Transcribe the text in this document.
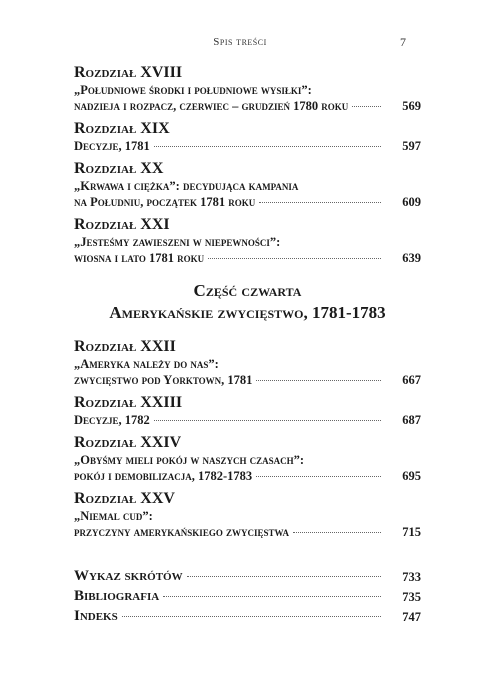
Spis treści	7
Rozdział XVIII
„Południowe środki i południowe wysiłki”:
nadzieja i rozpacz, czerwiec – grudzień 1780 roku	569
Rozdział XIX
Decyzje, 1781	597
Rozdział XX
„Krwawa i ciężka”: decydująca kampania
na Południu, początek 1781 roku	609
Rozdział XXI
„Jesteśmy zawieszeni w niepewności”:
wiosna i lato 1781 roku	639
Część czwarta
Amerykańskie zwycięstwo, 1781-1783
Rozdział XXII
„Ameryka należy do nas”:
zwycięstwo pod Yorktown, 1781	667
Rozdział XXIII
Decyzje, 1782	687
Rozdział XXIV
„Obyśmy mieli pokój w naszych czasach”:
pokój i demobilizacja, 1782-1783	695
Rozdział XXV
„Niemal cud”:
przyczyny amerykańskiego zwycięstwa	715
Wykaz skrótów	733
Bibliografia	735
Indeks	747
